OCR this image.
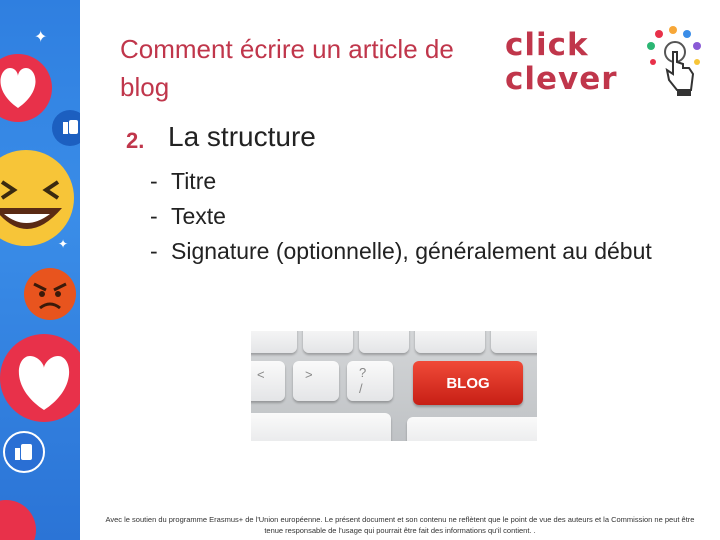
✦
✦
Comment écrire un article de blog
click
clever
2. La structure
- Titre
- Texte
- Signature (optionnelle), généralement au début
<	>	?
/	BLOG
Avec le soutien du programme Erasmus+ de l'Union européenne. Le présent document et son contenu ne reflètent que le point de vue des auteurs et la Commission ne peut être tenue responsable de l'usage qui pourrait être fait des informations qu'il contient. .
